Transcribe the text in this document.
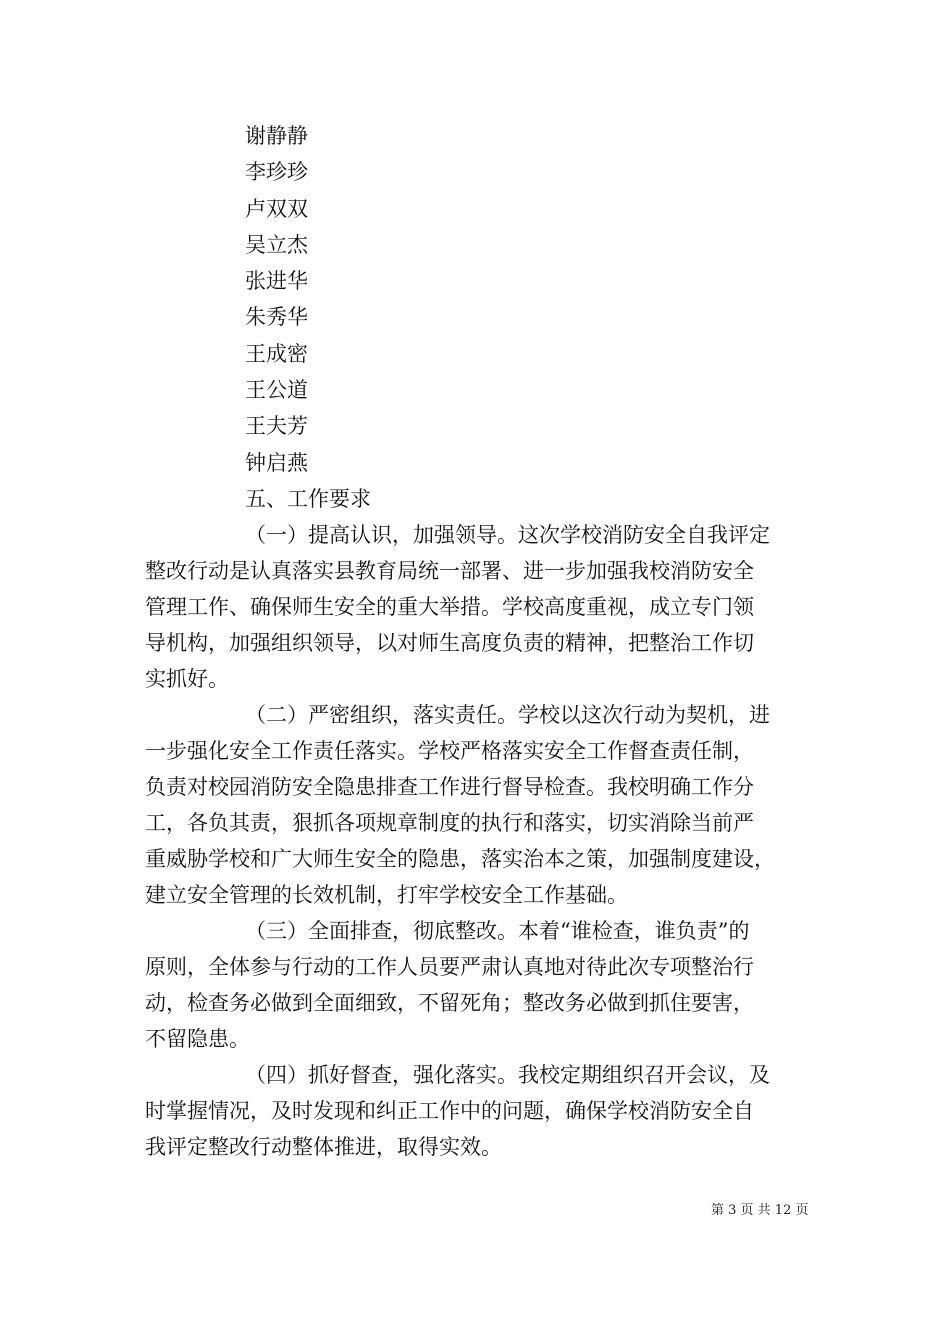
谢静静
李珍珍
卢双双
吴立杰
张进华
朱秀华
王成密
王公道
王夫芳
钟启燕
五、工作要求
（一）提高认识，加强领导。这次学校消防安全自我评定
整改行动是认真落实县教育局统一部署、进一步加强我校消防安全
管理工作、确保师生安全的重大举措。学校高度重视，成立专门领
导机构，加强组织领导，以对师生高度负责的精神，把整治工作切
实抓好。
（二）严密组织，落实责任。学校以这次行动为契机，进
一步强化安全工作责任落实。学校严格落实安全工作督查责任制，
负责对校园消防安全隐患排查工作进行督导检查。我校明确工作分
工，各负其责，狠抓各项规章制度的执行和落实，切实消除当前严
重威胁学校和广大师生安全的隐患，落实治本之策，加强制度建设，
建立安全管理的长效机制，打牢学校安全工作基础。
（三）全面排查，彻底整改。本着“谁检查，谁负责”的
原则，全体参与行动的工作人员要严肃认真地对待此次专项整治行
动，检查务必做到全面细致，不留死角；整改务必做到抓住要害，
不留隐患。
（四）抓好督查，强化落实。我校定期组织召开会议，及
时掌握情况，及时发现和纠正工作中的问题，确保学校消防安全自
我评定整改行动整体推进，取得实效。
第 3 页 共 12 页
